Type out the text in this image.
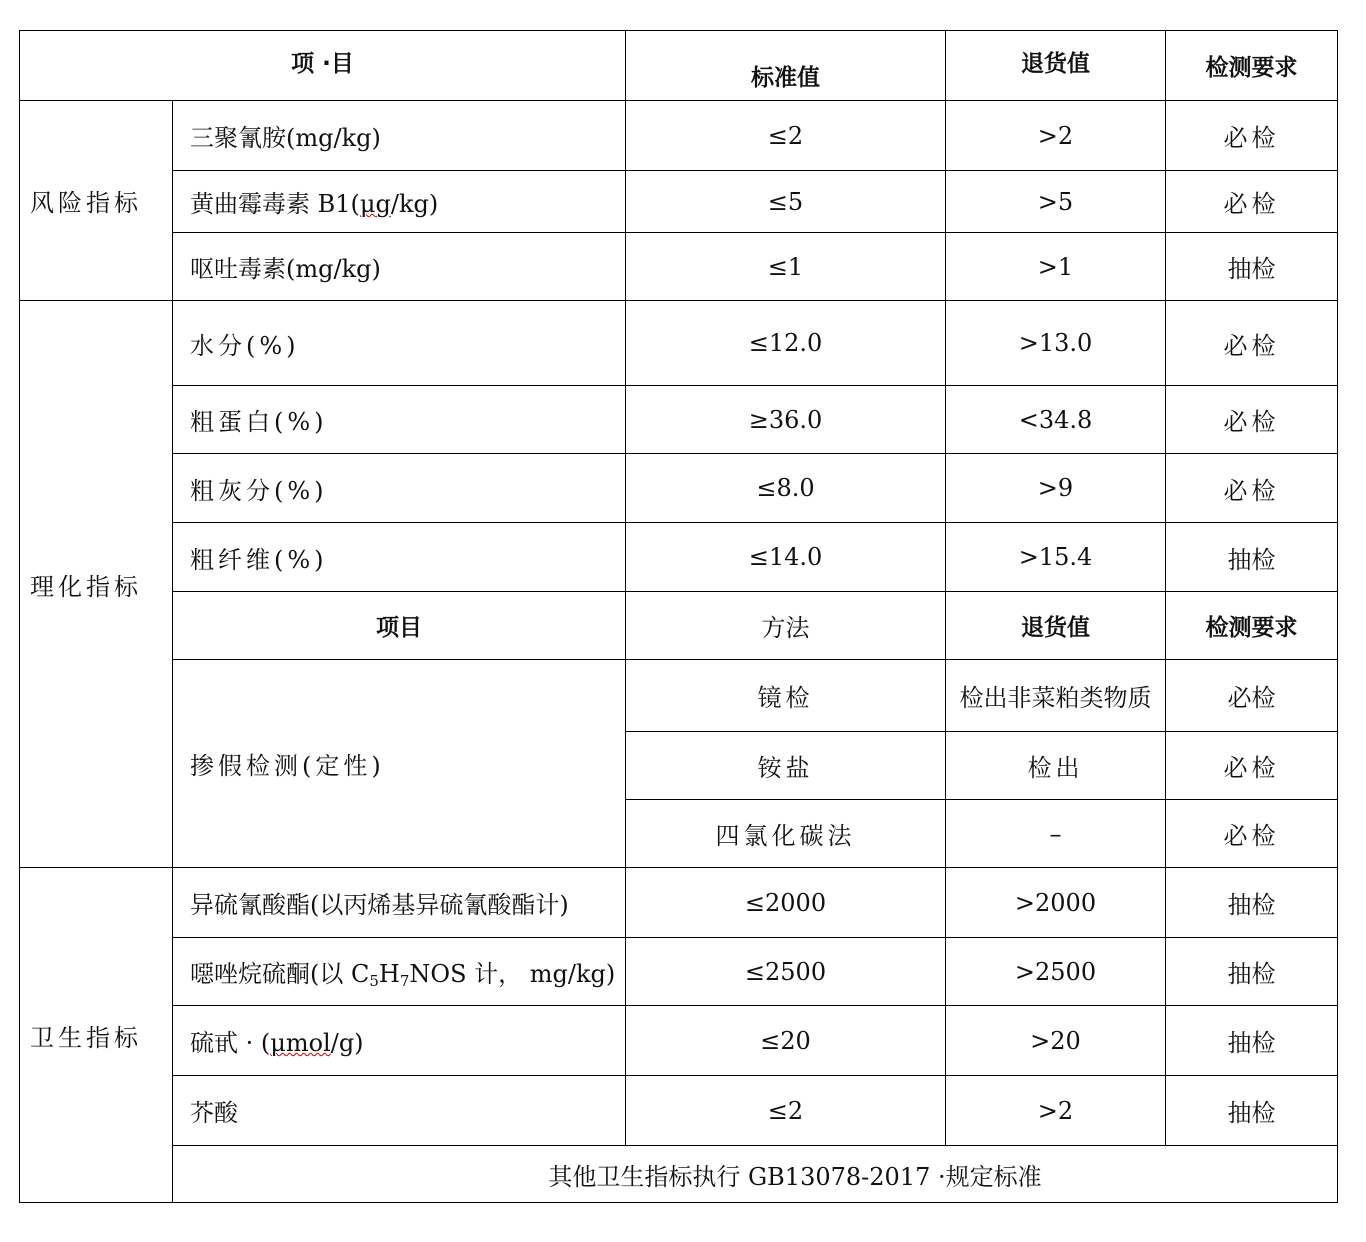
项 ·目		标准值	退货值	检测要求
风险指标	三聚氰胺(mg/kg)	≤2	>2	必检
	黄曲霉毒素 B1(μg/kg)	≤5	>5	必检
	呕吐毒素(mg/kg)	≤1	>1	抽检
理化指标	水分(%)	≤12.0	>13.0	必检
	粗蛋白(%)	≥36.0	<34.8	必检
	粗灰分(%)	≤8.0	>9	必检
	粗纤维(%)	≤14.0	>15.4	抽检
	项目	方法	退货值	检测要求
	掺假检测(定性)	镜检	检出非菜粕类物质	必检
		铵盐	检出	必检
		四氯化碳法	–	必检
卫生指标	异硫氰酸酯(以丙烯基异硫氰酸酯计)	≤2000	>2000	抽检
	噁唑烷硫酮(以 $C_5H_7NOS$ 计， mg/kg)	≤2500	>2500	抽检
	硫甙 · (μmol/g)	≤20	>20	抽检
	芥酸	≤2	>2	抽检
	其他卫生指标执行 GB13078-2017 ·规定标准			
